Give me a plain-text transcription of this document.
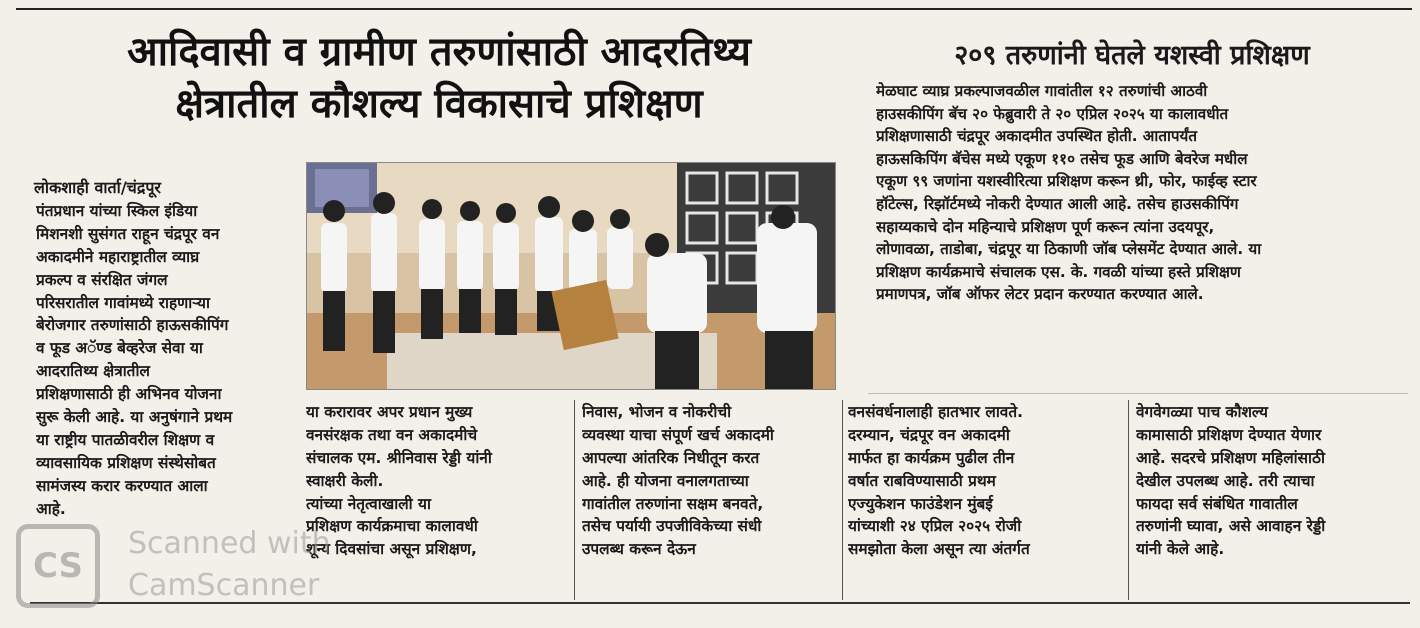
आदिवासी व ग्रामीण तरुणांसाठी आदरतिथ्य
क्षेत्रातील कौशल्य विकासाचे प्रशिक्षण
२०९ तरुणांनी घेतले यशस्वी प्रशिक्षण
मेळघाट व्याघ्र प्रकल्पाजवळील गावांतील १२ तरुणांची आठवी
हाउसकीपिंग बॅच २० फेब्रुवारी ते २० एप्रिल २०२५ या कालावधीत
प्रशिक्षणासाठी चंद्रपूर अकादमीत उपस्थित होती. आतापर्यंत
हाऊसकिपिंग बॅचेस मध्ये एकूण ११० तसेच फूड आणि बेवरेज मधील
एकूण ९९ जणांना यशस्वीरित्या प्रशिक्षण करून थ्री, फोर, फाईव्ह स्टार
हॉटेल्स, रिझॉर्टमध्ये नोकरी देण्यात आली आहे. तसेच हाउसकीपिंग
सहाय्यकाचे दोन महिन्याचे प्रशिक्षण पूर्ण करून त्यांना उदयपूर,
लोणावळा, ताडोबा, चंद्रपूर या ठिकाणी जॉब प्लेसमेंट देण्यात आले. या
प्रशिक्षण कार्यक्रमाचे संचालक एस. के. गवळी यांच्या हस्ते प्रशिक्षण
प्रमाणपत्र, जॉब ऑफर लेटर प्रदान करण्यात करण्यात आले.
लोकशाही वार्ता/चंद्रपूर
पंतप्रधान यांच्या स्किल इंडिया
मिशनशी सुसंगत राहून चंद्रपूर वन
अकादमीने महाराष्ट्रातील व्याघ्र
प्रकल्प व संरक्षित जंगल
परिसरातील गावांमध्ये राहणाऱ्या
बेरोजगार तरुणांसाठी हाऊसकीपिंग
व फूड अॅण्ड बेव्हरेज सेवा या
आदरातिथ्य क्षेत्रातील
प्रशिक्षणासाठी ही अभिनव योजना
सुरू केली आहे. या अनुषंगाने प्रथम
या राष्ट्रीय पातळीवरील शिक्षण व
व्यावसायिक प्रशिक्षण संस्थेसोबत
सामंजस्य करार करण्यात आला
आहे.
या करारावर अपर प्रधान मुख्य
वनसंरक्षक तथा वन अकादमीचे
संचालक एम. श्रीनिवास रेड्डी यांनी
स्वाक्षरी केली.
त्यांच्या नेतृत्वाखाली या
प्रशिक्षण कार्यक्रमाचा कालावधी
शून्य दिवसांचा असून प्रशिक्षण,
निवास, भोजन व नोकरीची
व्यवस्था याचा संपूर्ण खर्च अकादमी
आपल्या आंतरिक निधीतून करत
आहे. ही योजना वनालगताच्या
गावांतील तरुणांना सक्षम बनवते,
तसेच पर्यायी उपजीविकेच्या संधी
उपलब्ध करून देऊन
वनसंवर्धनालाही हातभार लावते.
दरम्यान, चंद्रपूर वन अकादमी
मार्फत हा कार्यक्रम पुढील तीन
वर्षात राबविण्यासाठी प्रथम
एज्युकेशन फाउंडेशन मुंबई
यांच्याशी २४ एप्रिल २०२५ रोजी
समझोता केला असून त्या अंतर्गत
वेगवेगळ्या पाच कौशल्य
कामासाठी प्रशिक्षण देण्यात येणार
आहे. सदरचे प्रशिक्षण महिलांसाठी
देखील उपलब्ध आहे. तरी त्याचा
फायदा सर्व संबंधित गावातील
तरुणांनी घ्यावा, असे आवाहन रेड्डी
यांनी केले आहे.
CS
Scanned with
CamScanner
